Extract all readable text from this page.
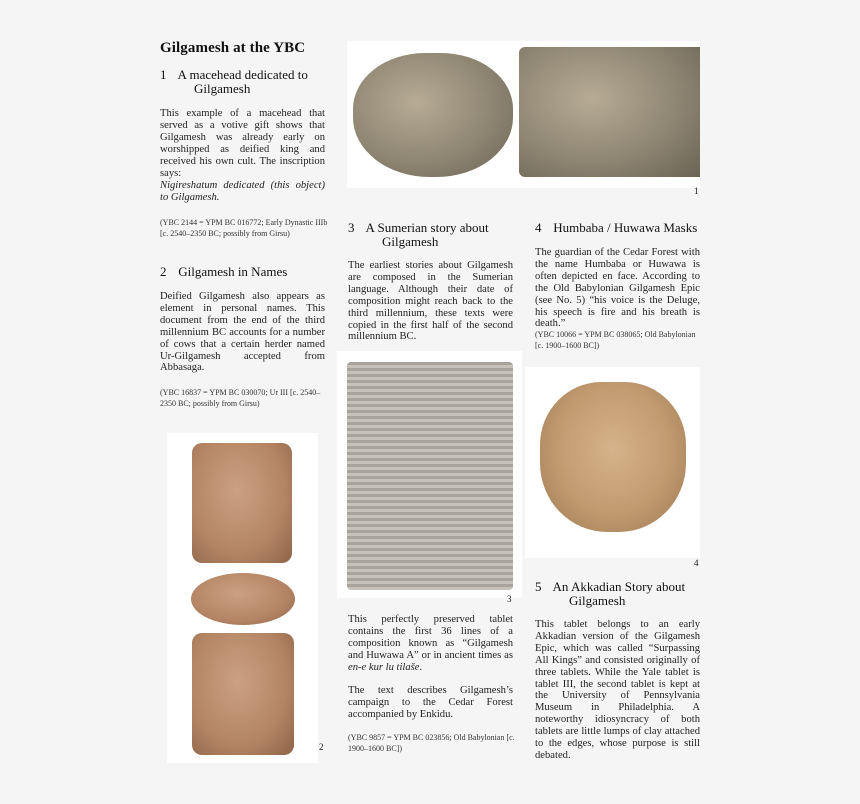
Gilgamesh at the YBC
1 A macehead dedicated to
Gilgamesh
This example of a macehead that served as a votive gift shows that Gilgamesh was already early on worshipped as deified king and received his own cult. The inscription says:
Nigireshatum dedicated (this object) to Gilgamesh.
(YBC 2144 = YPM BC 016772; Early Dynastic IIIb [c. 2540–2350 BC; possibly from Girsu)
2 Gilgamesh in Names
Deified Gilgamesh also appears as element in personal names. This document from the end of the third millennium BC accounts for a number of cows that a certain herder named Ur-Gilgamesh accepted from Abbasaga.
(YBC 16837 = YPM BC 030070; Ur III [c. 2540–2350 BC; possibly from Girsu)
2
1
3 A Sumerian story about
Gilgamesh
The earliest stories about Gilgamesh are composed in the Sumerian language. Although their date of composition might reach back to the third millennium, these texts were copied in the first half of the second millennium BC.
3
This perfectly preserved tablet contains the first 36 lines of a composition known as “Gilgamesh and Huwawa A” or in ancient times as en-e kur lu tilaše.
The text describes Gilgamesh’s campaign to the Cedar Forest accompanied by Enkidu.
(YBC 9857 = YPM BC 023856; Old Babylonian [c. 1900–1600 BC])
4 Humbaba / Huwawa Masks
The guardian of the Cedar Forest with the name Humbaba or Huwawa is often depicted en face. According to the Old Babylonian Gilgamesh Epic (see No. 5) “his voice is the Deluge, his speech is fire and his breath is death.”
(YBC 10066 = YPM BC 038065; Old Babylonian [c. 1900–1600 BC])
4
5 An Akkadian Story about
Gilgamesh
This tablet belongs to an early Akkadian version of the Gilgamesh Epic, which was called “Surpassing All Kings” and consisted originally of three tablets. While the Yale tablet is tablet III, the second tablet is kept at the University of Pennsylvania Museum in Philadelphia. A noteworthy idiosyncracy of both tablets are little lumps of clay attached to the edges, whose purpose is still debated.
